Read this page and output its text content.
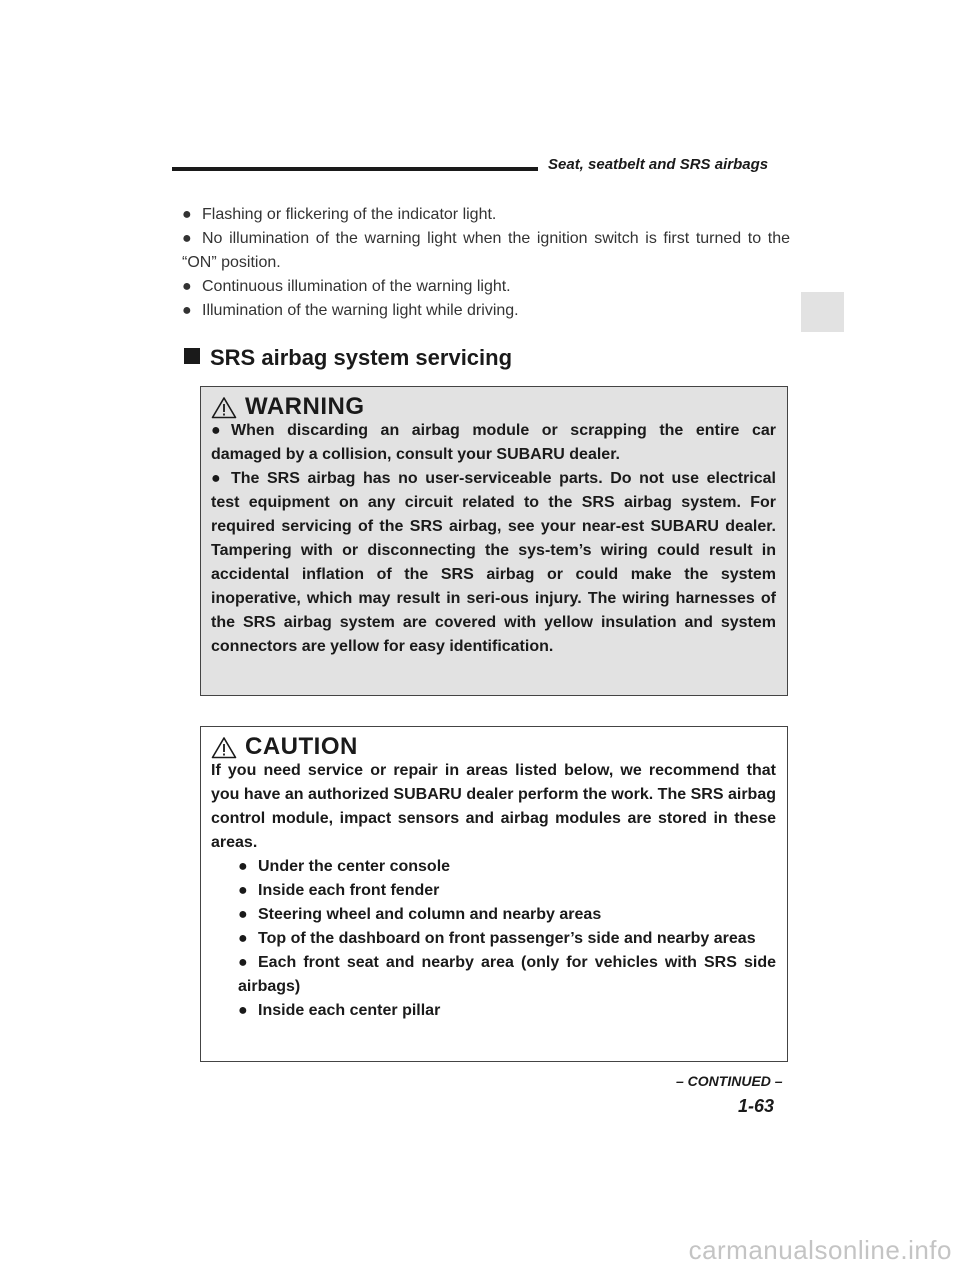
Seat, seatbelt and SRS airbags
● Flashing or flickering of the indicator light.
● No illumination of the warning light when the ignition switch is first turned to the “ON” position.
● Continuous illumination of the warning light.
● Illumination of the warning light while driving.
SRS airbag system servicing
WARNING
● When discarding an airbag module or scrapping the entire car damaged by a collision, consult your SUBARU dealer.
● The SRS airbag has no user-serviceable parts. Do not use electrical test equipment on any circuit related to the SRS airbag system. For required servicing of the SRS airbag, see your near-est SUBARU dealer. Tampering with or disconnecting the sys-tem’s wiring could result in accidental inflation of the SRS airbag or could make the system inoperative, which may result in seri-ous injury. The wiring harnesses of the SRS airbag system are covered with yellow insulation and system connectors are yellow for easy identification.
CAUTION
If you need service or repair in areas listed below, we recommend that you have an authorized SUBARU dealer perform the work. The SRS airbag control module, impact sensors and airbag modules are stored in these areas.
● Under the center console
● Inside each front fender
● Steering wheel and column and nearby areas
● Top of the dashboard on front passenger’s side and nearby areas
● Each front seat and nearby area (only for vehicles with SRS side airbags)
● Inside each center pillar
– CONTINUED –
1-63
carmanualsonline.info
